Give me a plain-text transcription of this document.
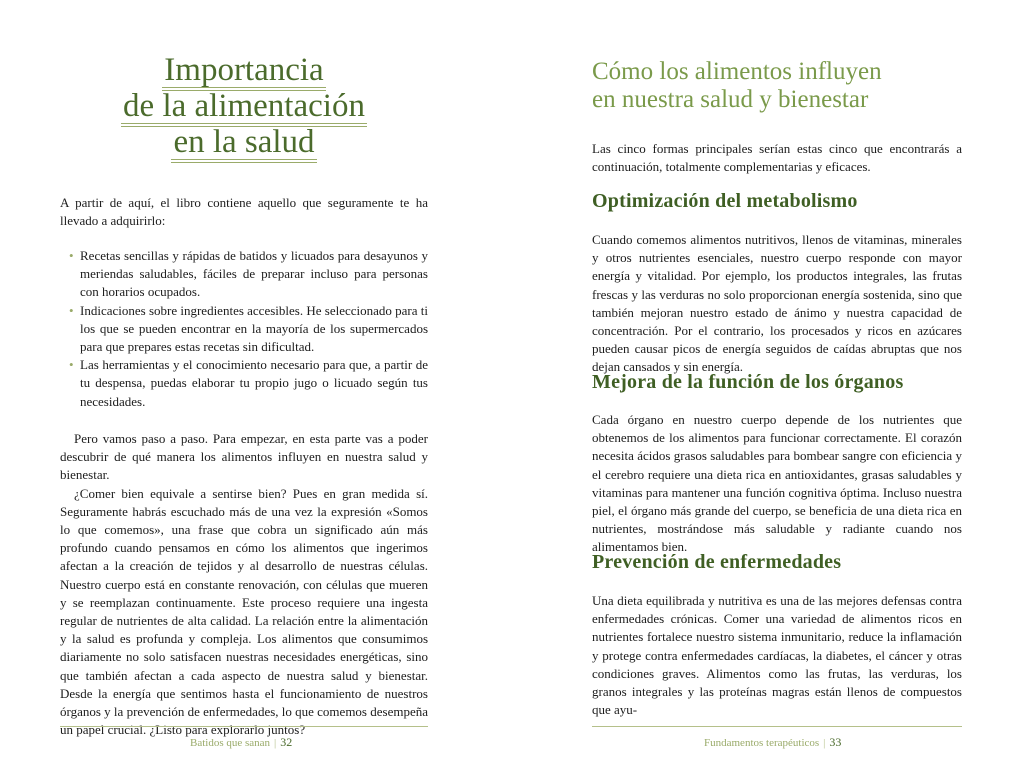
Importancia
de la alimentación
en la salud

A partir de aquí, el libro contiene aquello que seguramente te ha llevado a adquirirlo:

• Recetas sencillas y rápidas de batidos y licuados para desayunos y meriendas saludables, fáciles de preparar incluso para personas con horarios ocupados.
• Indicaciones sobre ingredientes accesibles. He seleccionado para ti los que se pueden encontrar en la mayoría de los supermercados para que prepares estas recetas sin dificultad.
• Las herramientas y el conocimiento necesario para que, a partir de tu despensa, puedas elaborar tu propio jugo o licuado según tus necesidades.

Pero vamos paso a paso. Para empezar, en esta parte vas a poder descubrir de qué manera los alimentos influyen en nuestra salud y bienestar.

¿Comer bien equivale a sentirse bien? Pues en gran medida sí. Seguramente habrás escuchado más de una vez la expresión «Somos lo que comemos», una frase que cobra un significado aún más profundo cuando pensamos en cómo los alimentos que ingerimos afectan a la creación de tejidos y al desarrollo de nuestras células. Nuestro cuerpo está en constante renovación, con células que mueren y se reemplazan continuamente. Este proceso requiere una ingesta regular de nutrientes de alta calidad. La relación entre la alimentación y la salud es profunda y compleja. Los alimentos que consumimos diariamente no solo satisfacen nuestras necesidades energéticas, sino que también afectan a cada aspecto de nuestra salud y bienestar. Desde la energía que sentimos hasta el funcionamiento de nuestros órganos y la prevención de enfermedades, lo que comemos desempeña un papel crucial. ¿Listo para explorarlo juntos?

Batidos que sanan | 32
Cómo los alimentos influyen
en nuestra salud y bienestar

Las cinco formas principales serían estas cinco que encontrarás a continuación, totalmente complementarias y eficaces.

Optimización del metabolismo

Cuando comemos alimentos nutritivos, llenos de vitaminas, minerales y otros nutrientes esenciales, nuestro cuerpo responde con mayor energía y vitalidad. Por ejemplo, los productos integrales, las frutas frescas y las verduras no solo proporcionan energía sostenida, sino que también mejoran nuestro estado de ánimo y nuestra capacidad de concentración. Por el contrario, los procesados y ricos en azúcares pueden causar picos de energía seguidos de caídas abruptas que nos dejan cansados y sin energía.

Mejora de la función de los órganos

Cada órgano en nuestro cuerpo depende de los nutrientes que obtenemos de los alimentos para funcionar correctamente. El corazón necesita ácidos grasos saludables para bombear sangre con eficiencia y el cerebro requiere una dieta rica en antioxidantes, grasas saludables y vitaminas para mantener una función cognitiva óptima. Incluso nuestra piel, el órgano más grande del cuerpo, se beneficia de una dieta rica en nutrientes, mostrándose más saludable y radiante cuando nos alimentamos bien.

Prevención de enfermedades

Una dieta equilibrada y nutritiva es una de las mejores defensas contra enfermedades crónicas. Comer una variedad de alimentos ricos en nutrientes fortalece nuestro sistema inmunitario, reduce la inflamación y protege contra enfermedades cardíacas, la diabetes, el cáncer y otras condiciones graves. Alimentos como las frutas, las verduras, los granos integrales y las proteínas magras están llenos de compuestos que ayu-

Fundamentos terapéuticos | 33
